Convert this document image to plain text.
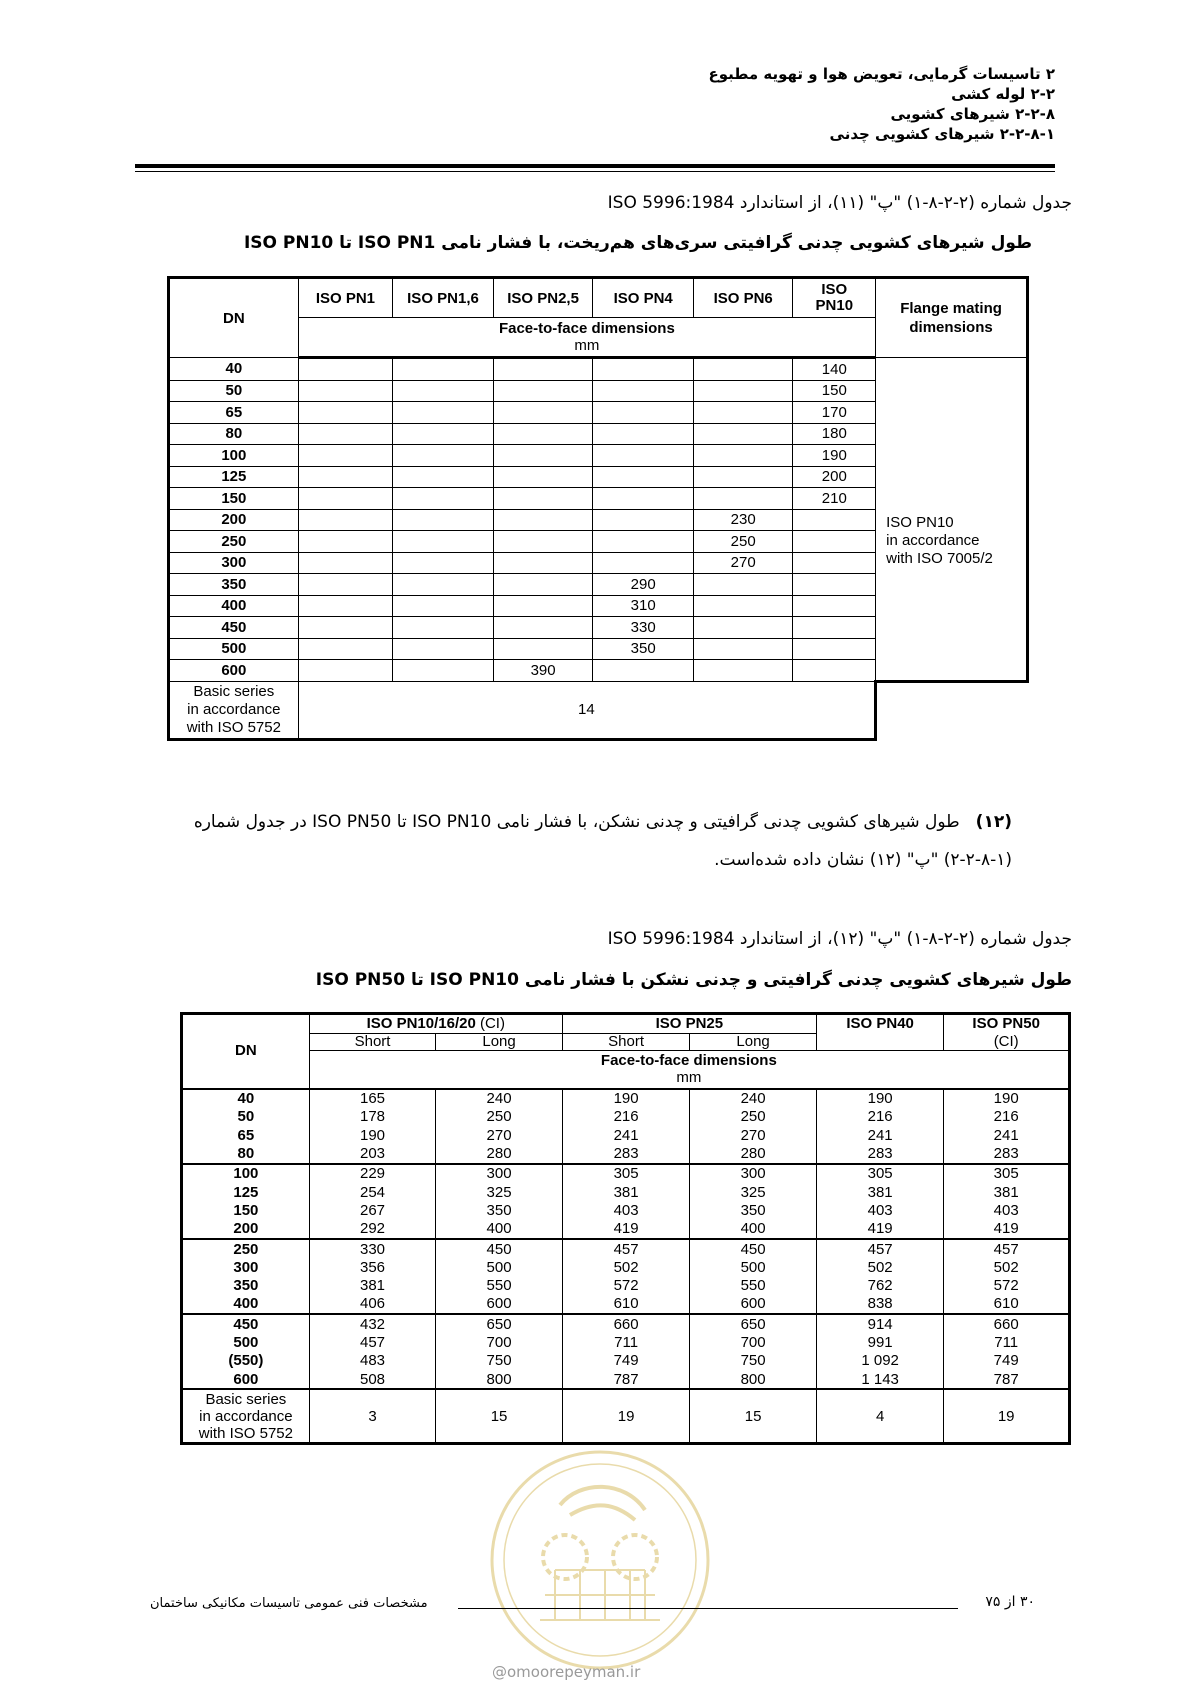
۲ تاسیسات گرمایی، تعویض هوا و تهویه مطبوع
۲-۲ لوله کشی
۲-۲-۸ شیرهای کشویی
۲-۲-۸-۱ شیرهای کشویی چدنی
جدول شماره (۲-۲-۸-۱) "پ" (۱۱)، از استاندارد ISO 5996:1984
طول شیرهای کشویی چدنی گرافیتی سری‌های هم‌ریخت، با فشار نامی ISO PN1 تا ISO PN10
DN	ISO PN1	ISO PN1,6	ISO PN2,5	ISO PN4	ISO PN6	ISO PN10	Flange mating dimensions

	Face-to-face dimensions
mm						

40						140	ISO PN10
in accordance
with ISO 7005/2

50						150	
65						170	
80						180	
100						190	
125						200	
150						210	
200					230		
250					250		
300					270		
350				290			
400				310			
450				330			
500				350			
600			390				

Basic series
in accordance
with ISO 5752	14						
(۱۲)طول شیرهای کشویی چدنی گرافیتی و چدنی نشکن، با فشار نامی ISO PN10 تا ISO PN50 در جدول شماره
(۲-۲-۸-۱) "پ" (۱۲) نشان داده شده‌است.
جدول شماره (۲-۲-۸-۱) "پ" (۱۲)، از استاندارد ISO 5996:1984
طول شیرهای کشویی چدنی گرافیتی و چدنی نشکن با فشار نامی ISO PN10 تا ISO PN50
DN	ISO PN10/16/20 (CI)		ISO PN25		ISO PN40	ISO PN50
	Short	Long	Short	Long		(CI)

	Face-to-face dimensions
mm					

40	165	240	190	240	190	190
50	178	250	216	250	216	216
65	190	270	241	270	241	241
80	203	280	283	280	283	283
100	229	300	305	300	305	305
125	254	325	381	325	381	381
150	267	350	403	350	403	403
200	292	400	419	400	419	419
250	330	450	457	450	457	457
300	356	500	502	500	502	502
350	381	550	572	550	762	572
400	406	600	610	600	838	610
450	432	650	660	650	914	660
500	457	700	711	700	991	711
(550)	483	750	749	750	1 092	749
600	508	800	787	800	1 143	787

Basic series
in accordance
with ISO 5752	3	15	19	15	4	19
@omoorepeyman.ir
مشخصات فنی عمومی تاسیسات مکانیکی ساختمان	۳۰ از ۷۵
